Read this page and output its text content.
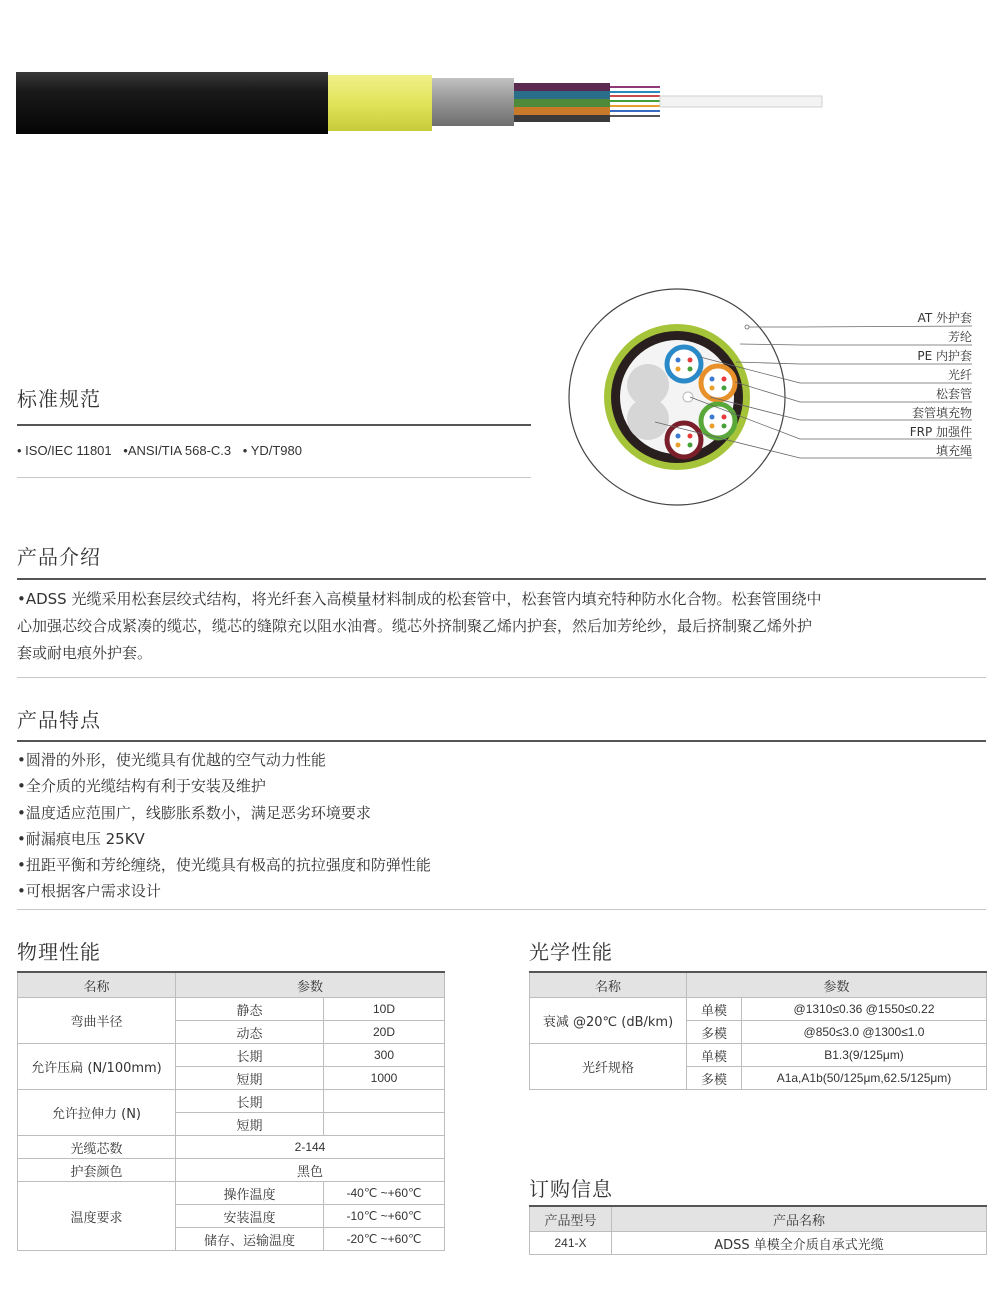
AT 外护套
芳纶
PE 内护套
光纤
松套管
套管填充物
FRP 加强件
填充绳
标准规范
• ISO/IEC 11801 •ANSI/TIA 568-C.3 • YD/T980
产品介绍
•ADSS 光缆采用松套层绞式结构，将光纤套入高模量材料制成的松套管中，松套管内填充特种防水化合物。松套管围绕中
心加强芯绞合成紧凑的缆芯，缆芯的缝隙充以阻水油膏。缆芯外挤制聚乙烯内护套，然后加芳纶纱，最后挤制聚乙烯外护
套或耐电痕外护套。
产品特点
•圆滑的外形，使光缆具有优越的空气动力性能
•全介质的光缆结构有利于安装及维护
•温度适应范围广，线膨胀系数小，满足恶劣环境要求
•耐漏痕电压 25KV
•扭距平衡和芳纶缠绕，使光缆具有极高的抗拉强度和防弹性能
•可根据客户需求设计
物理性能
名称	参数	
弯曲半径	静态	10D
	动态	20D
允许压扁 (N/100mm)	长期	300
	短期	1000
允许拉伸力 (N)	长期	
	短期	
光缆芯数	2-144	
护套颜色	黑色	
温度要求	操作温度	-40℃ ~+60℃
	安装温度	-10℃ ~+60℃
	储存、运输温度	-20℃ ~+60℃
光学性能
名称	参数	
衰减 @20℃ (dB/km)	单模	@1310≤0.36 @1550≤0.22
	多模	@850≤3.0 @1300≤1.0
光纤规格	单模	B1.3(9/125μm)
	多模	A1a,A1b(50/125μm,62.5/125μm)
订购信息
产品型号	产品名称
241-X	ADSS 单模全介质自承式光缆
